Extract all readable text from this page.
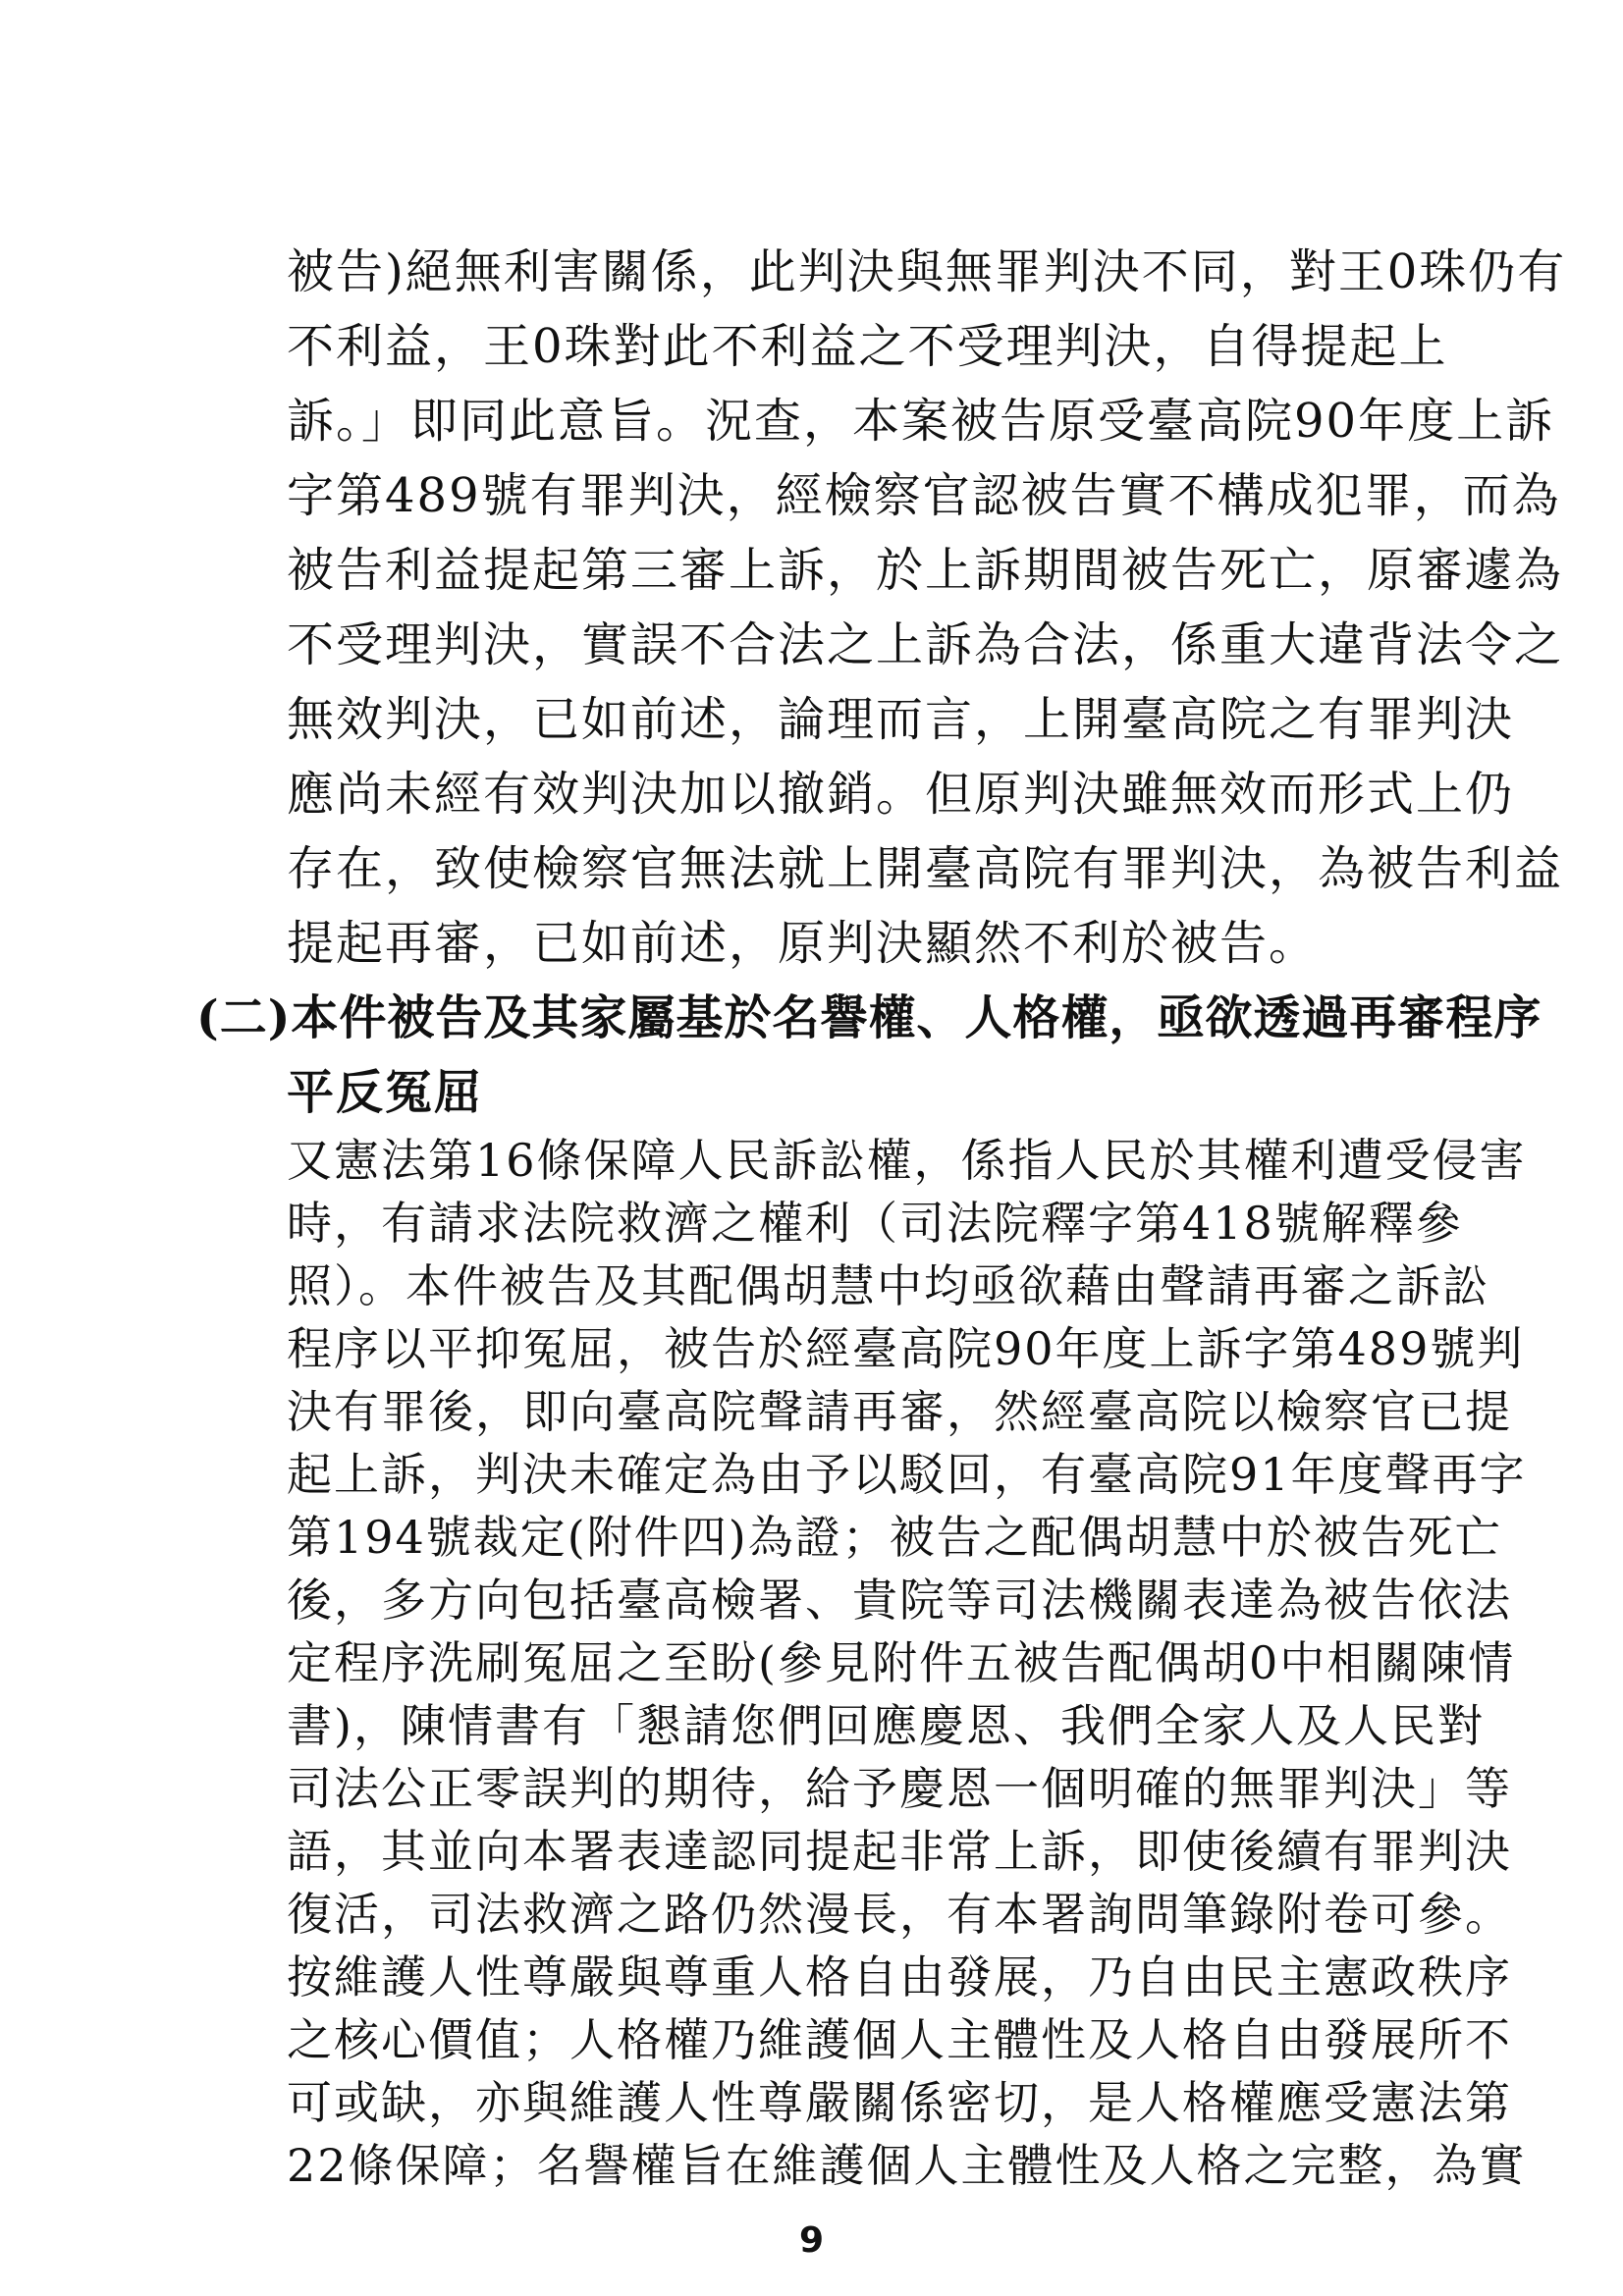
被告)絕無利害關係，此判決與無罪判決不同，對王0珠仍有
不利益，王0珠對此不利益之不受理判決，自得提起上
訴。」即同此意旨。況查，本案被告原受臺高院90年度上訴
字第489號有罪判決，經檢察官認被告實不構成犯罪，而為
被告利益提起第三審上訴，於上訴期間被告死亡，原審遽為
不受理判決，實誤不合法之上訴為合法，係重大違背法令之
無效判決，已如前述，論理而言，上開臺高院之有罪判決
應尚未經有效判決加以撤銷。但原判決雖無效而形式上仍
存在，致使檢察官無法就上開臺高院有罪判決，為被告利益
提起再審，已如前述，原判決顯然不利於被告。
(二)本件被告及其家屬基於名譽權、人格權，亟欲透過再審程序
平反冤屈
又憲法第16條保障人民訴訟權，係指人民於其權利遭受侵害
時，有請求法院救濟之權利（司法院釋字第418號解釋參
照）。本件被告及其配偶胡慧中均亟欲藉由聲請再審之訴訟
程序以平抑冤屈，被告於經臺高院90年度上訴字第489號判
決有罪後，即向臺高院聲請再審，然經臺高院以檢察官已提
起上訴，判決未確定為由予以駁回，有臺高院91年度聲再字
第194號裁定(附件四)為證；被告之配偶胡慧中於被告死亡
後，多方向包括臺高檢署、貴院等司法機關表達為被告依法
定程序洗刷冤屈之至盼(參見附件五被告配偶胡0中相關陳情
書)，陳情書有「懇請您們回應慶恩、我們全家人及人民對
司法公正零誤判的期待，給予慶恩一個明確的無罪判決」等
語，其並向本署表達認同提起非常上訴，即使後續有罪判決
復活，司法救濟之路仍然漫長，有本署詢問筆錄附卷可參。
按維護人性尊嚴與尊重人格自由發展，乃自由民主憲政秩序
之核心價值；人格權乃維護個人主體性及人格自由發展所不
可或缺，亦與維護人性尊嚴關係密切，是人格權應受憲法第
22條保障；名譽權旨在維護個人主體性及人格之完整，為實
9
